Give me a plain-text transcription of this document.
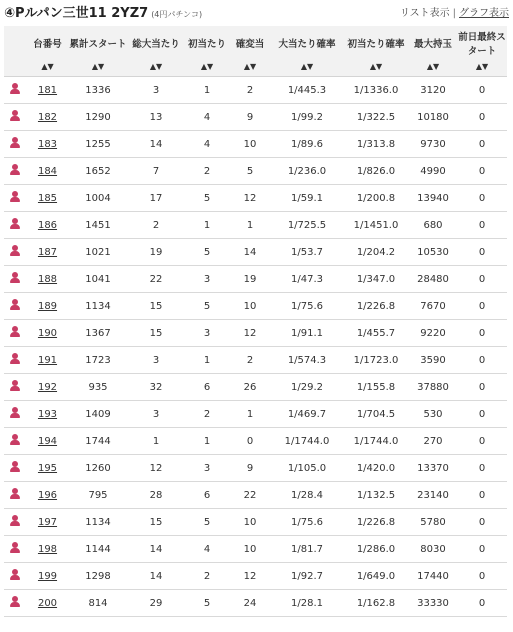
④Pルパン三世11 2YZ7 (4円パチンコ)	リスト表示 | グラフ表示
	台番号	累計スタート	総大当たり	初当たり	確変当	大当たり確率	初当たり確率	最大持玉	前日最終スタート
	▲▼	▲▼	▲▼	▲▼	▲▼	▲▼	▲▼	▲▼	▲▼

	181	1336	3	1	2	1/445.3	1/1336.0	3120	0

	182	1290	13	4	9	1/99.2	1/322.5	10180	0

	183	1255	14	4	10	1/89.6	1/313.8	9730	0

	184	1652	7	2	5	1/236.0	1/826.0	4990	0

	185	1004	17	5	12	1/59.1	1/200.8	13940	0

	186	1451	2	1	1	1/725.5	1/1451.0	680	0

	187	1021	19	5	14	1/53.7	1/204.2	10530	0

	188	1041	22	3	19	1/47.3	1/347.0	28480	0

	189	1134	15	5	10	1/75.6	1/226.8	7670	0

	190	1367	15	3	12	1/91.1	1/455.7	9220	0

	191	1723	3	1	2	1/574.3	1/1723.0	3590	0

	192	935	32	6	26	1/29.2	1/155.8	37880	0

	193	1409	3	2	1	1/469.7	1/704.5	530	0

	194	1744	1	1	0	1/1744.0	1/1744.0	270	0

	195	1260	12	3	9	1/105.0	1/420.0	13370	0

	196	795	28	6	22	1/28.4	1/132.5	23140	0

	197	1134	15	5	10	1/75.6	1/226.8	5780	0

	198	1144	14	4	10	1/81.7	1/286.0	8030	0

	199	1298	14	2	12	1/92.7	1/649.0	17440	0

	200	814	29	5	24	1/28.1	1/162.8	33330	0
